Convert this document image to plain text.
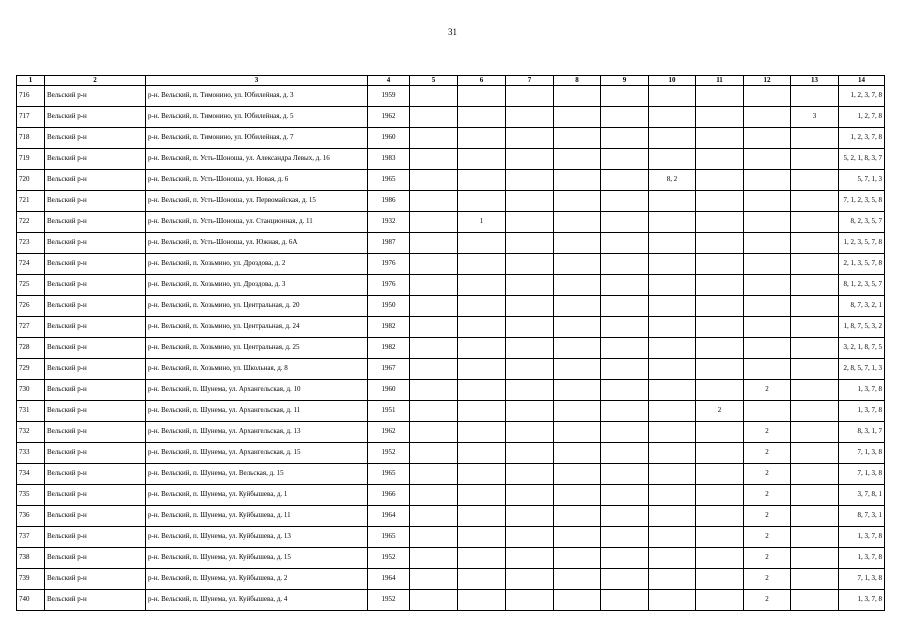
31
1	2	3	4	5	6	7	8	9	10	11	12	13	14
716	Вельский р-н	р-н. Вельский, п. Тимонино, ул. Юбилейная, д. 3	1959										1, 2, 3, 7, 8
717	Вельский р-н	р-н. Вельский, п. Тимонино, ул. Юбилейная, д. 5	1962									3	1, 2, 7, 8
718	Вельский р-н	р-н. Вельский, п. Тимонино, ул. Юбилейная, д. 7	1960										1, 2, 3, 7, 8
719	Вельский р-н	р-н. Вельский, п. Усть-Шоноша, ул. Александра Левых, д. 16	1983										5, 2, 1, 8, 3, 7
720	Вельский р-н	р-н. Вельский, п. Усть-Шоноша, ул. Новая, д. 6	1965						8, 2				5, 7, 1, 3
721	Вельский р-н	р-н. Вельский, п. Усть-Шоноша, ул. Первомайская, д. 15	1986										7, 1, 2, 3, 5, 8
722	Вельский р-н	р-н. Вельский, п. Усть-Шоноша, ул. Станционная, д. 11	1932		1								8, 2, 3, 5, 7
723	Вельский р-н	р-н. Вельский, п. Усть-Шоноша, ул. Южная, д. 6А	1987										1, 2, 3, 5, 7, 8
724	Вельский р-н	р-н. Вельский, п. Хозьмино, ул. Дроздова, д. 2	1976										2, 1, 3, 5, 7, 8
725	Вельский р-н	р-н. Вельский, п. Хозьмино, ул. Дроздова, д. 3	1976										8, 1, 2, 3, 5, 7
726	Вельский р-н	р-н. Вельский, п. Хозьмино, ул. Центральная, д. 20	1950										8, 7, 3, 2, 1
727	Вельский р-н	р-н. Вельский, п. Хозьмино, ул. Центральная, д. 24	1982										1, 8, 7, 5, 3, 2
728	Вельский р-н	р-н. Вельский, п. Хозьмино, ул. Центральная, д. 25	1982										3, 2, 1, 8, 7, 5
729	Вельский р-н	р-н. Вельский, п. Хозьмино, ул. Школьная, д. 8	1967										2, 8, 5, 7, 1, 3
730	Вельский р-н	р-н. Вельский, п. Шунема, ул. Архангельская, д. 10	1960								2		1, 3, 7, 8
731	Вельский р-н	р-н. Вельский, п. Шунема, ул. Архангельская, д. 11	1951							2			1, 3, 7, 8
732	Вельский р-н	р-н. Вельский, п. Шунема, ул. Архангельская, д. 13	1962								2		8, 3, 1, 7
733	Вельский р-н	р-н. Вельский, п. Шунема, ул. Архангельская, д. 15	1952								2		7, 1, 3, 8
734	Вельский р-н	р-н. Вельский, п. Шунема, ул. Вельская, д. 15	1965								2		7, 1, 3, 8
735	Вельский р-н	р-н. Вельский, п. Шунема, ул. Куйбышева, д. 1	1966								2		3, 7, 8, 1
736	Вельский р-н	р-н. Вельский, п. Шунема, ул. Куйбышева, д. 11	1964								2		8, 7, 3, 1
737	Вельский р-н	р-н. Вельский, п. Шунема, ул. Куйбышева, д. 13	1965								2		1, 3, 7, 8
738	Вельский р-н	р-н. Вельский, п. Шунема, ул. Куйбышева, д. 15	1952								2		1, 3, 7, 8
739	Вельский р-н	р-н. Вельский, п. Шунема, ул. Куйбышева, д. 2	1964								2		7, 1, 3, 8
740	Вельский р-н	р-н. Вельский, п. Шунема, ул. Куйбышева, д. 4	1952								2		1, 3, 7, 8
